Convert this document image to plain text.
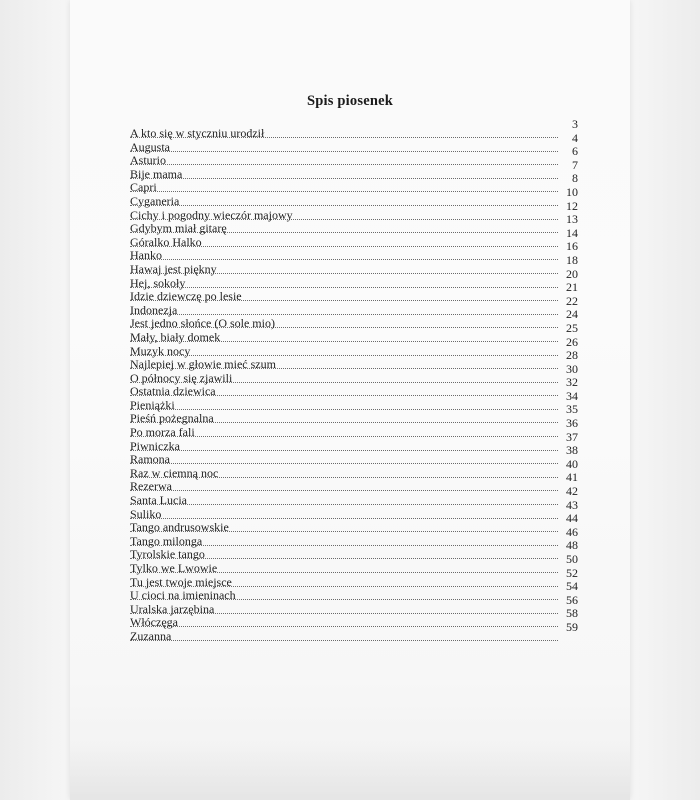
Spis piosenek
A kto się w styczniu urodził
3
Augusta
4
Asturio
6
Bije mama
7
Capri
8
Cyganeria
10
Cichy i pogodny wieczór majowy
12
Gdybym miał gitarę
13
Góralko Halko
14
Hanko
16
Hawaj jest piękny
18
Hej, sokoły
20
Idzie dziewczę po lesie
21
Indonezja
22
Jest jedno słońce (O sole mio)
24
Mały, biały domek
25
Muzyk nocy
26
Najlepiej w głowie mieć szum
28
O północy się zjawili
30
Ostatnia dziewica
32
Pieniążki
34
Pieśń pożegnalna
35
Po morza fali
36
Piwniczka
37
Ramona
38
Raz w ciemną noc
40
Rezerwa
41
Santa Lucia
42
Suliko
43
Tango andrusowskie
44
Tango milonga
46
Tyrolskie tango
48
Tylko we Lwowie
50
Tu jest twoje miejsce
52
U cioci na imieninach
54
Uralska jarzębina
56
Włóczęga
58
Zuzanna
59
